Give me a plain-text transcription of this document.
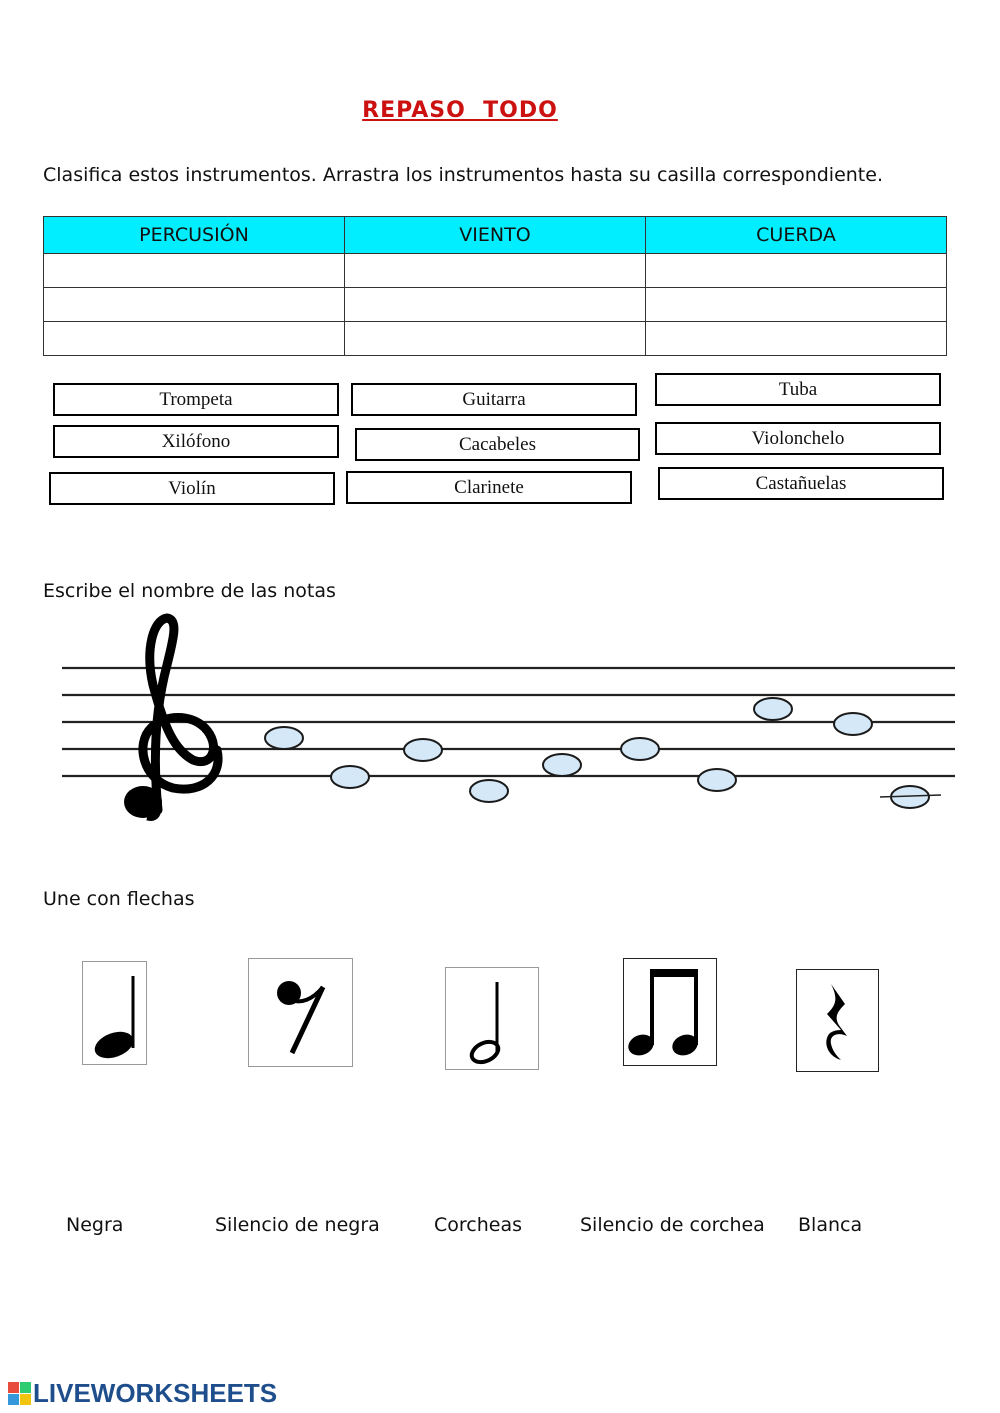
REPASO  TODO
Clasifica estos instrumentos. Arrastra los instrumentos hasta su casilla correspondiente.
PERCUSIÓN	VIENTO	CUERDA

Trompeta	Guitarra	Tuba
Xilófono	Cacabeles	Violonchelo
Violín	Clarinete	Castañuelas
Escribe el nombre de las notas
Une con flechas
Negra	Silencio de negra	Corcheas	Silencio de corchea Blanca
LIVEWORKSHEETS
